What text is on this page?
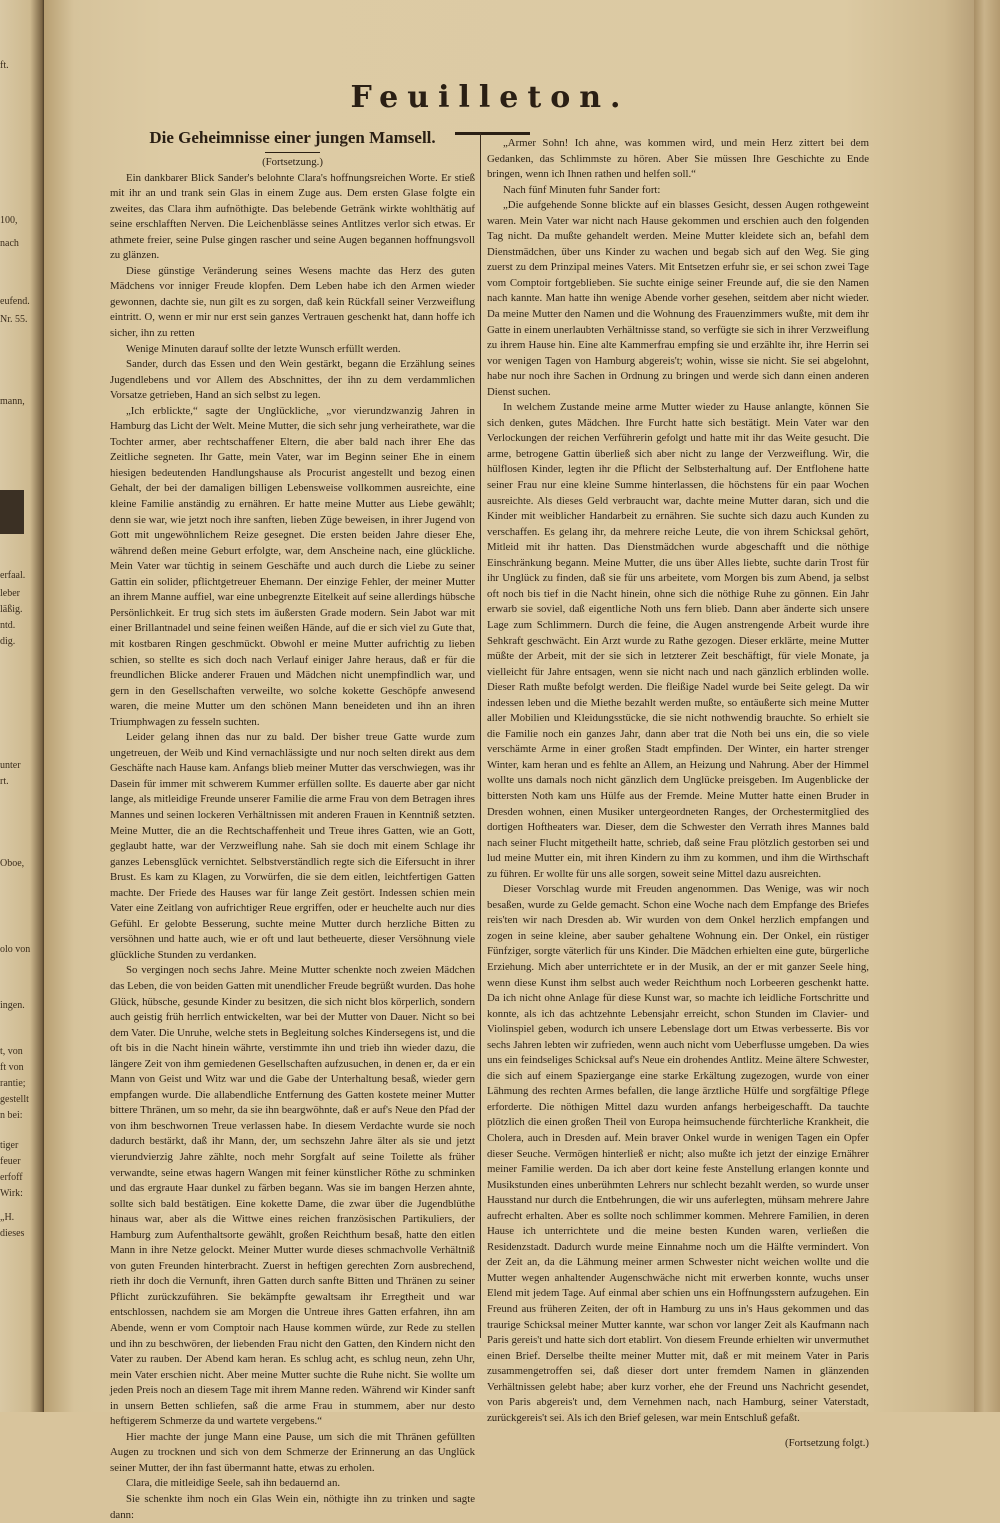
ft.
100,
nach
eufend.
Nr. 55.
mann,
erfaal.
leber
läßig.
ntd.
dig.
unter
rt.
Oboe,
olo von
ingen.
t, von
ft von
rantie;
gestellt
n bei:
tiger
feuer
erfoff
Wirk:
„H.
dieses
Feuilleton.
Die Geheimnisse einer jungen Mamsell.

(Fortsetzung.)

Ein dankbarer Blick Sander's belohnte Clara's hoffnungsreichen Worte. Er stieß mit ihr an und trank sein Glas in einem Zuge aus. Dem ersten Glase folgte ein zweites, das Clara ihm aufnöthigte. Das belebende Getränk wirkte wohlthätig auf seine erschlafften Nerven. Die Leichenblässe seines Antlitzes verlor sich etwas. Er athmete freier, seine Pulse gingen rascher und seine Augen begannen hoffnungsvoll zu glänzen.

Diese günstige Veränderung seines Wesens machte das Herz des guten Mädchens vor inniger Freude klopfen. Dem Leben habe ich den Armen wieder gewonnen, dachte sie, nun gilt es zu sorgen, daß kein Rückfall seiner Verzweiflung eintritt. O, wenn er mir nur erst sein ganzes Vertrauen geschenkt hat, dann hoffe ich sicher, ihn zu retten

Wenige Minuten darauf sollte der letzte Wunsch erfüllt werden.

Sander, durch das Essen und den Wein gestärkt, begann die Erzählung seines Jugendlebens und vor Allem des Abschnittes, der ihn zu dem verdammlichen Vorsatze getrieben, Hand an sich selbst zu legen.

„Ich erblickte,“ sagte der Unglückliche, „vor vierundzwanzig Jahren in Hamburg das Licht der Welt. Meine Mutter, die sich sehr jung verheirathete, war die Tochter armer, aber rechtschaffener Eltern, die aber bald nach ihrer Ehe das Zeitliche segneten. Ihr Gatte, mein Vater, war im Beginn seiner Ehe in einem hiesigen bedeutenden Handlungshause als Procurist angestellt und bezog einen Gehalt, der bei der damaligen billigen Lebensweise vollkommen ausreichte, eine kleine Familie anständig zu ernähren. Er hatte meine Mutter aus Liebe gewählt; denn sie war, wie jetzt noch ihre sanften, lieben Züge beweisen, in ihrer Jugend von Gott mit ungewöhnlichem Reize gesegnet. Die ersten beiden Jahre dieser Ehe, während deßen meine Geburt erfolgte, war, dem Anscheine nach, eine glückliche. Mein Vater war tüchtig in seinem Geschäfte und auch durch die Liebe zu seiner Gattin ein solider, pflichtgetreuer Ehemann. Der einzige Fehler, der meiner Mutter an ihrem Manne auffiel, war eine unbegrenzte Eitelkeit auf seine allerdings hübsche Persönlichkeit. Er trug sich stets im äußersten Grade modern. Sein Jabot war mit einer Brillantnadel und seine feinen weißen Hände, auf die er sich viel zu Gute that, mit kostbaren Ringen geschmückt. Obwohl er meine Mutter aufrichtig zu lieben schien, so stellte es sich doch nach Verlauf einiger Jahre heraus, daß er für die freundlichen Blicke anderer Frauen und Mädchen nicht unempfindlich war, und gern in den Gesellschaften verweilte, wo solche kokette Geschöpfe anwesend waren, die meine Mutter um den schönen Mann beneideten und ihn an ihren Triumphwagen zu fesseln suchten.

Leider gelang ihnen das nur zu bald. Der bisher treue Gatte wurde zum ungetreuen, der Weib und Kind vernachlässigte und nur noch selten direkt aus dem Geschäfte nach Hause kam. Anfangs blieb meiner Mutter das verschwiegen, was ihr Dasein für immer mit schwerem Kummer erfüllen sollte. Es dauerte aber gar nicht lange, als mitleidige Freunde unserer Familie die arme Frau von dem Betragen ihres Mannes und seinen lockeren Verhältnissen mit anderen Frauen in Kenntniß setzten. Meine Mutter, die an die Rechtschaffenheit und Treue ihres Gatten, wie an Gott, geglaubt hatte, war der Verzweiflung nahe. Sah sie doch mit einem Schlage ihr ganzes Lebensglück vernichtet. Selbstverständlich regte sich die Eifersucht in ihrer Brust. Es kam zu Klagen, zu Vorwürfen, die sie dem eitlen, leichtfertigen Gatten machte. Der Friede des Hauses war für lange Zeit gestört. Indessen schien mein Vater eine Zeitlang von aufrichtiger Reue ergriffen, oder er heuchelte auch nur dies Gefühl. Er gelobte Besserung, suchte meine Mutter durch herzliche Bitten zu versöhnen und hatte auch, wie er oft und laut betheuerte, dieser Versöhnung viele glückliche Stunden zu verdanken.

So vergingen noch sechs Jahre. Meine Mutter schenkte noch zweien Mädchen das Leben, die von beiden Gatten mit unendlicher Freude begrüßt wurden. Das hohe Glück, hübsche, gesunde Kinder zu besitzen, die sich nicht blos körperlich, sondern auch geistig früh herrlich entwickelten, war bei der Mutter von Dauer. Nicht so bei dem Vater. Die Unruhe, welche stets in Begleitung solches Kindersegens ist, und die oft bis in die Nacht hinein währte, verstimmte ihn und trieb ihn wieder dazu, die längere Zeit von ihm gemiedenen Gesellschaften aufzusuchen, in denen er, da er ein Mann von Geist und Witz war und die Gabe der Unterhaltung besaß, wieder gern empfangen wurde. Die allabendliche Entfernung des Gatten kostete meiner Mutter bittere Thränen, um so mehr, da sie ihn beargwöhnte, daß er auf's Neue den Pfad der von ihm beschwornen Treue verlassen habe. In diesem Verdachte wurde sie noch dadurch bestärkt, daß ihr Mann, der, um sechszehn Jahre älter als sie und jetzt vierundvierzig Jahre zählte, noch mehr Sorgfalt auf seine Toilette als früher verwandte, seine etwas hagern Wangen mit feiner künstlicher Röthe zu schminken und das ergraute Haar dunkel zu färben begann. Was sie im bangen Herzen ahnte, sollte sich bald bestätigen. Eine kokette Dame, die zwar über die Jugendblüthe hinaus war, aber als die Wittwe eines reichen französischen Partikuliers, der Hamburg zum Aufenthaltsorte gewählt, großen Reichthum besaß, hatte den eitlen Mann in ihre Netze gelockt. Meiner Mutter wurde dieses schmachvolle Verhältniß von guten Freunden hinterbracht. Zuerst in heftigen gerechten Zorn ausbrechend, rieth ihr doch die Vernunft, ihren Gatten durch sanfte Bitten und Thränen zu seiner Pflicht zurückzuführen. Sie bekämpfte gewaltsam ihr Erregtheit und war entschlossen, nachdem sie am Morgen die Untreue ihres Gatten erfahren, ihn am Abende, wenn er vom Comptoir nach Hause kommen würde, zur Rede zu stellen und ihn zu beschwören, der liebenden Frau nicht den Gatten, den Kindern nicht den Vater zu rauben. Der Abend kam heran. Es schlug acht, es schlug neun, zehn Uhr, mein Vater erschien nicht. Aber meine Mutter suchte die Ruhe nicht. Sie wollte um jeden Preis noch an diesem Tage mit ihrem Manne reden. Während wir Kinder sanft in unsern Betten schliefen, saß die arme Frau in stummem, aber nur desto heftigerem Schmerze da und wartete vergebens.“

Hier machte der junge Mann eine Pause, um sich die mit Thränen gefüllten Augen zu trocknen und sich von dem Schmerze der Erinnerung an das Unglück seiner Mutter, der ihn fast übermannt hatte, etwas zu erholen.

Clara, die mitleidige Seele, sah ihn bedauernd an.

Sie schenkte ihm noch ein Glas Wein ein, nöthigte ihn zu trinken und sagte dann:

„Armer Sohn! Ich ahne, was kommen wird, und mein Herz zittert bei dem Gedanken, das Schlimmste zu hören. Aber Sie müssen Ihre Geschichte zu Ende bringen, wenn ich Ihnen rathen und helfen soll.“

Nach fünf Minuten fuhr Sander fort:

„Die aufgehende Sonne blickte auf ein blasses Gesicht, dessen Augen rothgeweint waren. Mein Vater war nicht nach Hause gekommen und erschien auch den folgenden Tag nicht. Da mußte gehandelt werden. Meine Mutter kleidete sich an, befahl dem Dienstmädchen, über uns Kinder zu wachen und begab sich auf den Weg. Sie ging zuerst zu dem Prinzipal meines Vaters. Mit Entsetzen erfuhr sie, er sei schon zwei Tage vom Comptoir fortgeblieben. Sie suchte einige seiner Freunde auf, die sie den Namen nach kannte. Man hatte ihn wenige Abende vorher gesehen, seitdem aber nicht wieder. Da meine Mutter den Namen und die Wohnung des Frauenzimmers wußte, mit dem ihr Gatte in einem unerlaubten Verhältnisse stand, so verfügte sie sich in ihrer Verzweiflung zu ihrem Hause hin. Eine alte Kammerfrau empfing sie und erzählte ihr, ihre Herrin sei vor wenigen Tagen von Hamburg abgereis't; wohin, wisse sie nicht. Sie sei abgelohnt, habe nur noch ihre Sachen in Ordnung zu bringen und werde sich dann einen anderen Dienst suchen.

In welchem Zustande meine arme Mutter wieder zu Hause anlangte, können Sie sich denken, gutes Mädchen. Ihre Furcht hatte sich bestätigt. Mein Vater war den Verlockungen der reichen Verführerin gefolgt und hatte mit ihr das Weite gesucht. Die arme, betrogene Gattin überließ sich aber nicht zu lange der Verzweiflung. Wir, die hülflosen Kinder, legten ihr die Pflicht der Selbsterhaltung auf. Der Entflohene hatte seiner Frau nur eine kleine Summe hinterlassen, die höchstens für ein paar Wochen ausreichte. Als dieses Geld verbraucht war, dachte meine Mutter daran, sich und die Kinder mit weiblicher Handarbeit zu ernähren. Sie suchte sich dazu auch Kunden zu verschaffen. Es gelang ihr, da mehrere reiche Leute, die von ihrem Schicksal gehört, Mitleid mit ihr hatten. Das Dienstmädchen wurde abgeschafft und die nöthige Einschränkung begann. Meine Mutter, die uns über Alles liebte, suchte darin Trost für ihr Unglück zu finden, daß sie für uns arbeitete, vom Morgen bis zum Abend, ja selbst oft noch bis tief in die Nacht hinein, ohne sich die nöthige Ruhe zu gönnen. Ein Jahr erwarb sie soviel, daß eigentliche Noth uns fern blieb. Dann aber änderte sich unsere Lage zum Schlimmern. Durch die feine, die Augen anstrengende Arbeit wurde ihre Sehkraft geschwächt. Ein Arzt wurde zu Rathe gezogen. Dieser erklärte, meine Mutter müßte der Arbeit, mit der sie sich in letzterer Zeit beschäftigt, für viele Monate, ja vielleicht für Jahre entsagen, wenn sie nicht nach und nach gänzlich erblinden wolle. Dieser Rath mußte befolgt werden. Die fleißige Nadel wurde bei Seite gelegt. Da wir indessen leben und die Miethe bezahlt werden mußte, so entäußerte sich meine Mutter aller Mobilien und Kleidungsstücke, die sie nicht nothwendig brauchte. So erhielt sie die Familie noch ein ganzes Jahr, dann aber trat die Noth bei uns ein, die so viele verschämte Arme in einer großen Stadt empfinden. Der Winter, ein harter strenger Winter, kam heran und es fehlte an Allem, an Heizung und Nahrung. Aber der Himmel wollte uns damals noch nicht gänzlich dem Unglücke preisgeben. Im Augenblicke der bittersten Noth kam uns Hülfe aus der Fremde. Meine Mutter hatte einen Bruder in Dresden wohnen, einen Musiker untergeordneten Ranges, der Orchestermitglied des dortigen Hoftheaters war. Dieser, dem die Schwester den Verrath ihres Mannes bald nach seiner Flucht mitgetheilt hatte, schrieb, daß seine Frau plötzlich gestorben sei und lud meine Mutter ein, mit ihren Kindern zu ihm zu kommen, und ihm die Wirthschaft zu führen. Er wollte für uns alle sorgen, soweit seine Mittel dazu ausreichten.

Dieser Vorschlag wurde mit Freuden angenommen. Das Wenige, was wir noch besaßen, wurde zu Gelde gemacht. Schon eine Woche nach dem Empfange des Briefes reis'ten wir nach Dresden ab. Wir wurden von dem Onkel herzlich empfangen und zogen in seine kleine, aber sauber gehaltene Wohnung ein. Der Onkel, ein rüstiger Fünfziger, sorgte väterlich für uns Kinder. Die Mädchen erhielten eine gute, bürgerliche Erziehung. Mich aber unterrichtete er in der Musik, an der er mit ganzer Seele hing, wenn diese Kunst ihm selbst auch weder Reichthum noch Lorbeeren geschenkt hatte. Da ich nicht ohne Anlage für diese Kunst war, so machte ich leidliche Fortschritte und konnte, als ich das achtzehnte Lebensjahr erreicht, schon Stunden im Clavier- und Violinspiel geben, wodurch ich unsere Lebenslage dort um Etwas verbesserte. Bis vor sechs Jahren lebten wir zufrieden, wenn auch nicht vom Ueberflusse umgeben. Da wies uns ein feindseliges Schicksal auf's Neue ein drohendes Antlitz. Meine ältere Schwester, die sich auf einem Spaziergange eine starke Erkältung zugezogen, wurde von einer Lähmung des rechten Armes befallen, die lange ärztliche Hülfe und sorgfältige Pflege erforderte. Die nöthigen Mittel dazu wurden anfangs herbeigeschafft. Da tauchte plötzlich die einen großen Theil von Europa heimsuchende fürchterliche Krankheit, die Cholera, auch in Dresden auf. Mein braver Onkel wurde in wenigen Tagen ein Opfer dieser Seuche. Vermögen hinterließ er nicht; also mußte ich jetzt der einzige Ernährer meiner Familie werden. Da ich aber dort keine feste Anstellung erlangen konnte und Musikstunden eines unberühmten Lehrers nur schlecht bezahlt werden, so wurde unser Hausstand nur durch die Entbehrungen, die wir uns auferlegten, mühsam mehrere Jahre aufrecht erhalten. Aber es sollte noch schlimmer kommen. Mehrere Familien, in deren Hause ich unterrichtete und die meine besten Kunden waren, verließen die Residenzstadt. Dadurch wurde meine Einnahme noch um die Hälfte vermindert. Von der Zeit an, da die Lähmung meiner armen Schwester nicht weichen wollte und die Mutter wegen anhaltender Augenschwäche nicht mit erwerben konnte, wuchs unser Elend mit jedem Tage. Auf einmal aber schien uns ein Hoffnungsstern aufzugehen. Ein Freund aus früheren Zeiten, der oft in Hamburg zu uns in's Haus gekommen und das traurige Schicksal meiner Mutter kannte, war schon vor langer Zeit als Kaufmann nach Paris gereis't und hatte sich dort etablirt. Von diesem Freunde erhielten wir unvermuthet einen Brief. Derselbe theilte meiner Mutter mit, daß er mit meinem Vater in Paris zusammengetroffen sei, daß dieser dort unter fremdem Namen in glänzenden Verhältnissen gelebt habe; aber kurz vorher, ehe der Freund uns Nachricht gesendet, von Paris abgereis't und, dem Vernehmen nach, nach Hamburg, seiner Vaterstadt, zurückgereis't sei. Als ich den Brief gelesen, war mein Entschluß gefaßt.

(Fortsetzung folgt.)
